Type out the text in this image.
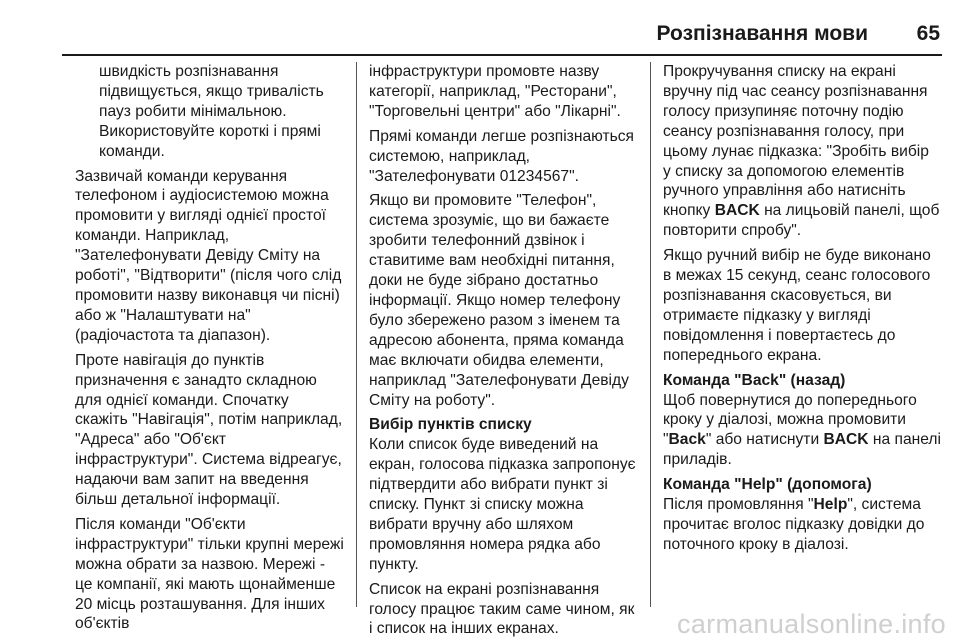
Розпізнавання мови 65

швидкість розпізнавання підвищується, якщо тривалість пауз робити мінімальною. Використовуйте короткі і прямі команди.

Зазвичай команди керування телефоном і аудіосистемою можна промовити у вигляді однієї простої команди. Наприклад, "Зателефонувати Девіду Сміту на роботі", "Відтворити" (після чого слід промовити назву виконавця чи пісні) або ж "Налаштувати на" (радіочастота та діапазон).

Проте навігація до пунктів призначення є занадто складною для однієї команди. Спочатку скажіть "Навігація", потім наприклад, "Адреса" або "Об'єкт інфраструктури". Система відреагує, надаючи вам запит на введення більш детальної інформації.

Після команди "Об'єкти інфраструктури" тільки крупні мережі можна обрати за назвою. Мережі - це компанії, які мають щонайменше 20 місць розташування. Для інших об'єктів

інфраструктури промовте назву категорії, наприклад, "Ресторани", "Торговельні центри" або "Лікарні".

Прямі команди легше розпізнаються системою, наприклад, "Зателефонувати 01234567".

Якщо ви промовите "Телефон", система зрозуміє, що ви бажаєте зробити телефонний дзвінок і ставитиме вам необхідні питання, доки не буде зібрано достатньо інформації. Якщо номер телефону було збережено разом з іменем та адресою абонента, пряма команда має включати обидва елементи, наприклад "Зателефонувати Девіду Сміту на роботу".

Вибір пунктів списку

Коли список буде виведений на екран, голосова підказка запропонує підтвердити або вибрати пункт зі списку. Пункт зі списку можна вибрати вручну або шляхом промовляння номера рядка або пункту.

Список на екрані розпізнавання голосу працює таким саме чином, як і список на інших екранах.

Прокручування списку на екрані вручну під час сеансу розпізнавання голосу призупиняє поточну подію сеансу розпізнавання голосу, при цьому лунає підказка: "Зробіть вибір у списку за допомогою елементів ручного управління або натисніть кнопку BACK на лицьовій панелі, щоб повторити спробу".

Якщо ручний вибір не буде виконано в межах 15 секунд, сеанс голосового розпізнавання скасовується, ви отримаєте підказку у вигляді повідомлення і повертаєтесь до попереднього екрана.

Команда "Back" (назад)

Щоб повернутися до попереднього кроку у діалозі, можна промовити "Back" або натиснути BACK на панелі приладів.

Команда "Help" (допомога)

Після промовляння "Help", система прочитає вголос підказку довідки до поточного кроку в діалозі.

carmanualsonline.info
